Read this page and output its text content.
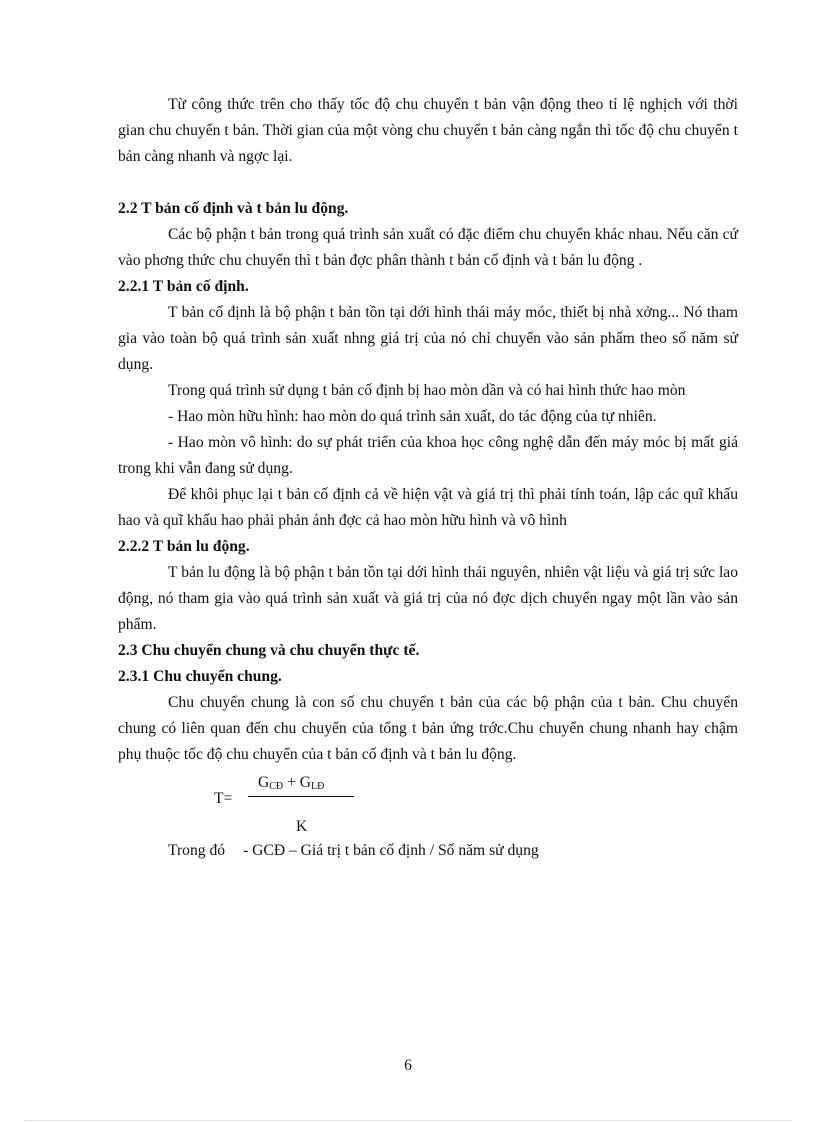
Từ công thức trên cho thấy tốc độ chu chuyển t bản vận động theo tỉ lệ nghịch với thời gian chu chuyển t bản. Thời gian của một vòng chu chuyển t bản càng ngắn thì tốc độ chu chuyển t bản càng nhanh và ngợc lại.

2.2 T bản cố định và t bản lu động.

Các bộ phận t bản trong quá trình sản xuất có đặc điểm chu chuyển khác nhau. Nếu căn cứ vào phơng thức chu chuyển thì t bản đợc phân thành t bản cố định và t bản lu động .

2.2.1 T bản cố định.

T bản cố định là bộ phận t bản tồn tại dới hình thái máy móc, thiết bị nhà xởng... Nó tham gia vào toàn bộ quá trình sản xuất nhng giá trị của nó chỉ chuyển vào sản phẩm theo số năm sử dụng.

Trong quá trình sử dụng t bản cố định bị hao mòn dần và có hai hình thức hao mòn

- Hao mòn hữu hình: hao mòn do quá trình sản xuất, do tác động của tự nhiên.

- Hao mòn vô hình: do sự phát triển của khoa học công nghệ dẫn đến máy móc bị mất giá trong khi vẫn đang sử dụng.

Để khôi phục lại t bản cố định cả về hiện vật và giá trị thì phải tính toán, lập các quĩ khấu hao và quĩ khấu hao phải phản ánh đợc cả hao mòn hữu hình và vô hình

2.2.2 T bản lu động.

T bản lu động là bộ phận t bản tồn tại dới hình thái nguyên, nhiên vật liệu và giá trị sức lao động, nó tham gia vào quá trình sản xuất và giá trị của nó đợc dịch chuyển ngay một lần vào sản phẩm.

2.3 Chu chuyển chung và chu chuyển thực tế.
2.3.1 Chu chuyển chung.

Chu chuyển chung là con số chu chuyển t bản của các bộ phận của t bản. Chu chuyển chung có liên quan đến chu chuyển của tổng t bản ứng trớc.Chu chuyển chung nhanh hay chậm phụ thuộc tốc độ chu chuyển của t bản cố định và t bản lu động.

T=
$G_{CĐ} + G_{LĐ}$
K
Trong đó - GCĐ – Giá trị t bản cố định / Số năm sử dụng
6
